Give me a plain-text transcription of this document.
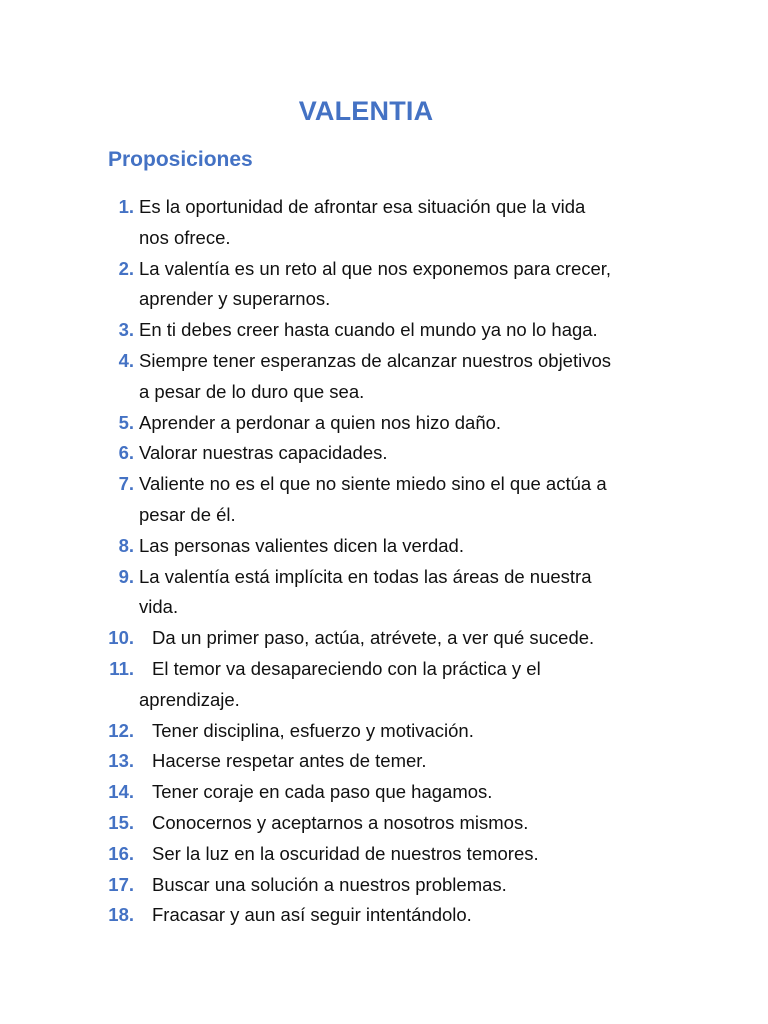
VALENTIA
Proposiciones
1. Es la oportunidad de afrontar esa situación que la vida
nos ofrece.
2. La valentía es un reto al que nos exponemos para crecer,
aprender y superarnos.
3. En ti debes creer hasta cuando el mundo ya no lo haga.
4. Siempre tener esperanzas de alcanzar nuestros objetivos
a pesar de lo duro que sea.
5. Aprender a perdonar a quien nos hizo daño.
6. Valorar nuestras capacidades.
7. Valiente no es el que no siente miedo sino el que actúa a
pesar de él.
8. Las personas valientes dicen la verdad.
9. La valentía está implícita en todas las áreas de nuestra
vida.
10. Da un primer paso, actúa, atrévete, a ver qué sucede.
11. El temor va desapareciendo con la práctica y el
aprendizaje.
12. Tener disciplina, esfuerzo y motivación.
13. Hacerse respetar antes de temer.
14. Tener coraje en cada paso que hagamos.
15. Conocernos y aceptarnos a nosotros mismos.
16. Ser la luz en la oscuridad de nuestros temores.
17. Buscar una solución a nuestros problemas.
18. Fracasar y aun así seguir intentándolo.
